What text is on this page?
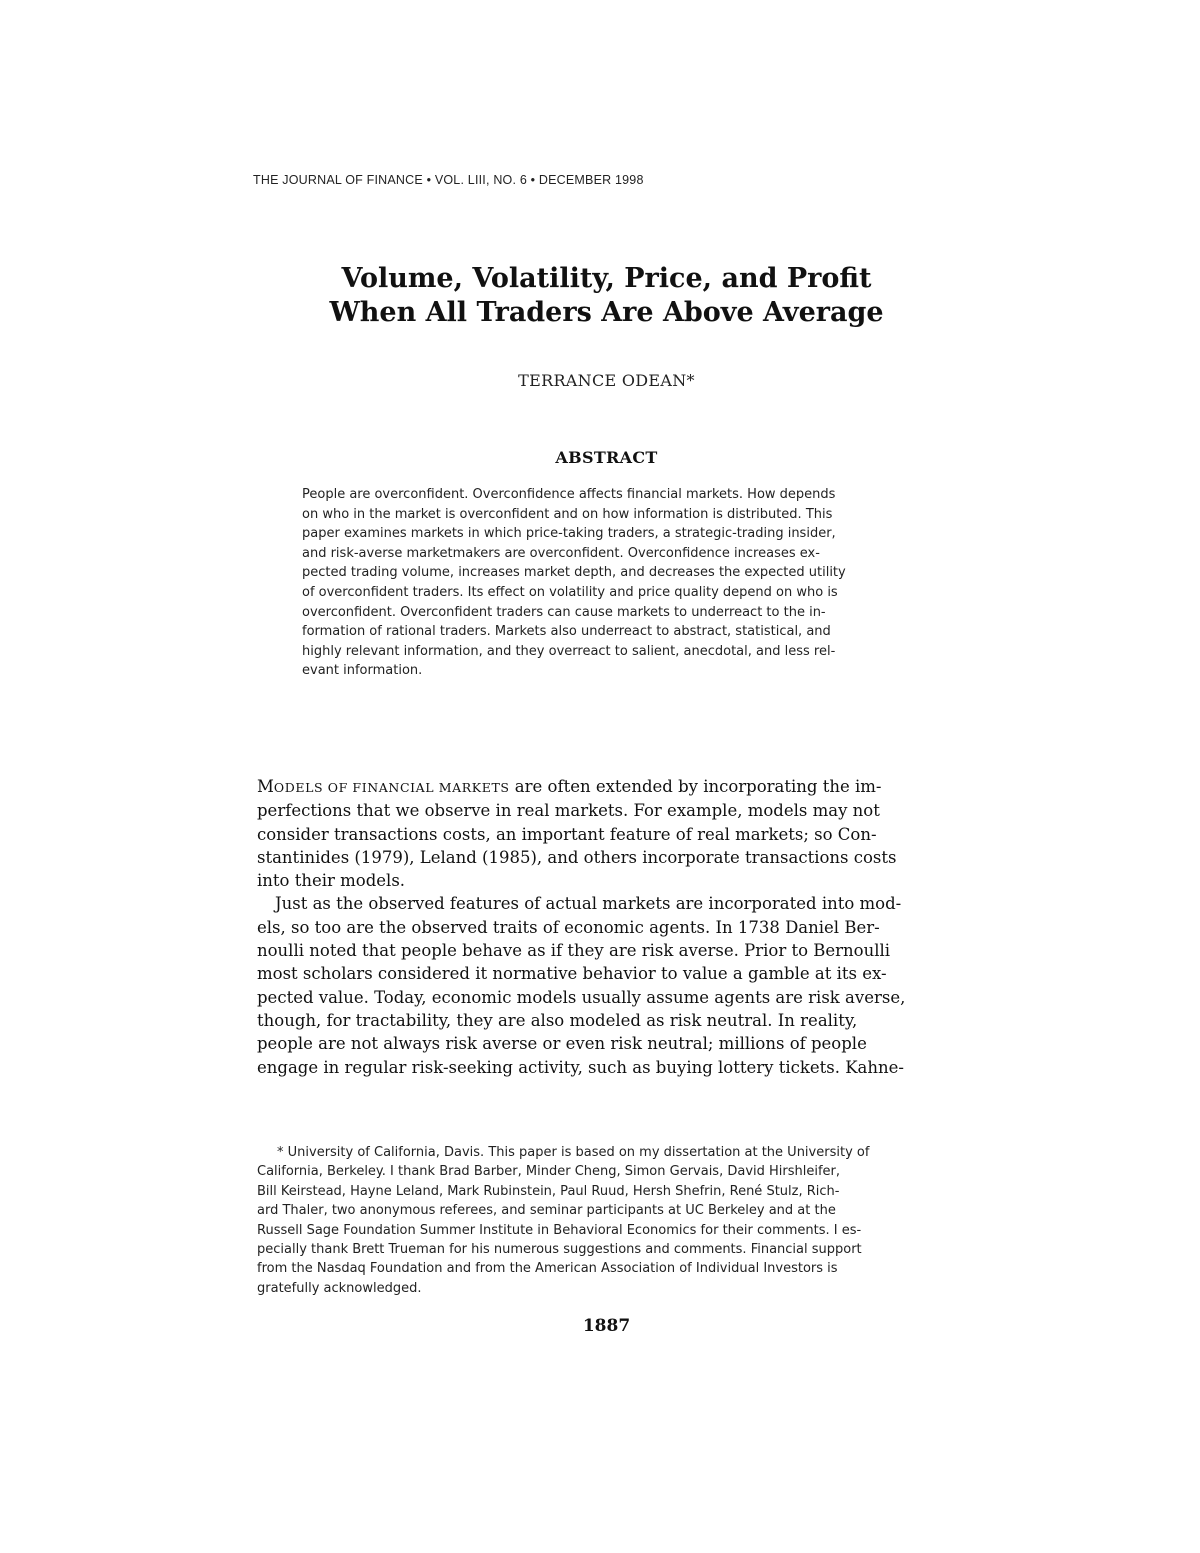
THE JOURNAL OF FINANCE • VOL. LIII, NO. 6 • DECEMBER 1998
Volume, Volatility, Price, and Profit
When All Traders Are Above Average
TERRANCE ODEAN*
ABSTRACT
People are overconfident. Overconfidence affects financial markets. How depends
on who in the market is overconfident and on how information is distributed. This
paper examines markets in which price-taking traders, a strategic-trading insider,
and risk-averse marketmakers are overconfident. Overconfidence increases ex-
pected trading volume, increases market depth, and decreases the expected utility
of overconfident traders. Its effect on volatility and price quality depend on who is
overconfident. Overconfident traders can cause markets to underreact to the in-
formation of rational traders. Markets also underreact to abstract, statistical, and
highly relevant information, and they overreact to salient, anecdotal, and less rel-
evant information.
MODELS OF FINANCIAL MARKETS are often extended by incorporating the im-
perfections that we observe in real markets. For example, models may not
consider transactions costs, an important feature of real markets; so Con-
stantinides (1979), Leland (1985), and others incorporate transactions costs
into their models.
Just as the observed features of actual markets are incorporated into mod-
els, so too are the observed traits of economic agents. In 1738 Daniel Ber-
noulli noted that people behave as if they are risk averse. Prior to Bernoulli
most scholars considered it normative behavior to value a gamble at its ex-
pected value. Today, economic models usually assume agents are risk averse,
though, for tractability, they are also modeled as risk neutral. In reality,
people are not always risk averse or even risk neutral; millions of people
engage in regular risk-seeking activity, such as buying lottery tickets. Kahne-
* University of California, Davis. This paper is based on my dissertation at the University of
California, Berkeley. I thank Brad Barber, Minder Cheng, Simon Gervais, David Hirshleifer,
Bill Keirstead, Hayne Leland, Mark Rubinstein, Paul Ruud, Hersh Shefrin, René Stulz, Rich-
ard Thaler, two anonymous referees, and seminar participants at UC Berkeley and at the
Russell Sage Foundation Summer Institute in Behavioral Economics for their comments. I es-
pecially thank Brett Trueman for his numerous suggestions and comments. Financial support
from the Nasdaq Foundation and from the American Association of Individual Investors is
gratefully acknowledged.
1887
